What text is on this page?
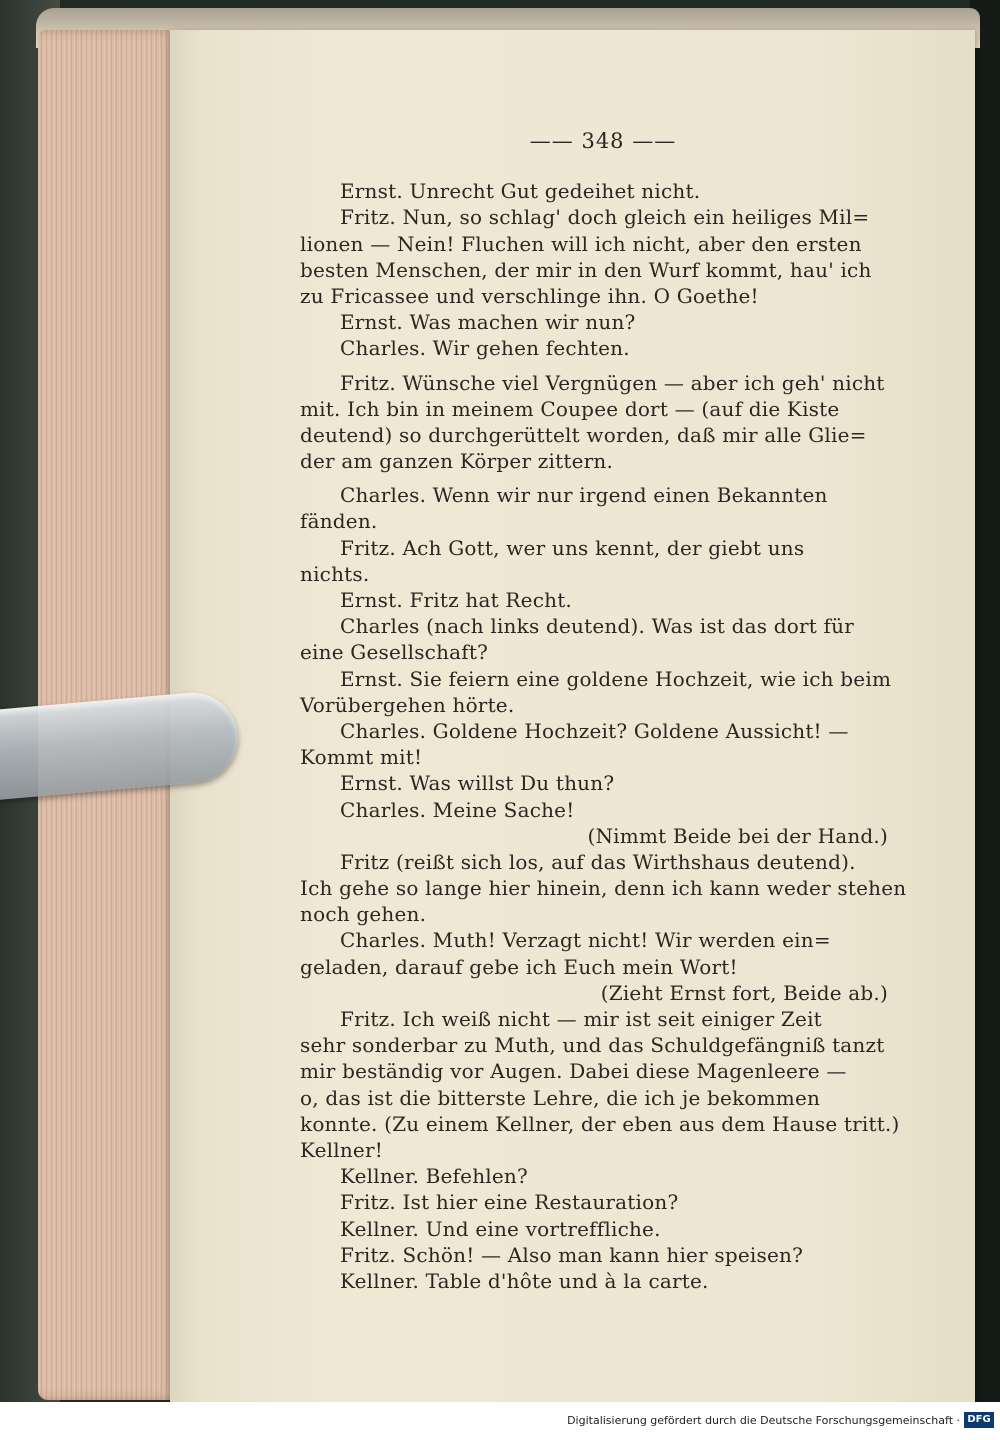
—— 348 ——
Ernst. Unrecht Gut gedeihet nicht.
Fritz. Nun, so schlag' doch gleich ein heiliges Mil=
lionen — Nein! Fluchen will ich nicht, aber den ersten
besten Menschen, der mir in den Wurf kommt, hau' ich
zu Fricassee und verschlinge ihn. O Goethe!
Ernst. Was machen wir nun?
Charles. Wir gehen fechten.
Fritz. Wünsche viel Vergnügen — aber ich geh' nicht
mit. Ich bin in meinem Coupee dort — (auf die Kiste
deutend) so durchgerüttelt worden, daß mir alle Glie=
der am ganzen Körper zittern.
Charles. Wenn wir nur irgend einen Bekannten
fänden.
Fritz. Ach Gott, wer uns kennt, der giebt uns
nichts.
Ernst. Fritz hat Recht.
Charles (nach links deutend). Was ist das dort für
eine Gesellschaft?
Ernst. Sie feiern eine goldene Hochzeit, wie ich beim
Vorübergehen hörte.
Charles. Goldene Hochzeit? Goldene Aussicht! —
Kommt mit!
Ernst. Was willst Du thun?
Charles. Meine Sache!
(Nimmt Beide bei der Hand.)
Fritz (reißt sich los, auf das Wirthshaus deutend).
Ich gehe so lange hier hinein, denn ich kann weder stehen
noch gehen.
Charles. Muth! Verzagt nicht! Wir werden ein=
geladen, darauf gebe ich Euch mein Wort!
(Zieht Ernst fort, Beide ab.)
Fritz. Ich weiß nicht — mir ist seit einiger Zeit
sehr sonderbar zu Muth, und das Schuldgefängniß tanzt
mir beständig vor Augen. Dabei diese Magenleere —
o, das ist die bitterste Lehre, die ich je bekommen
konnte. (Zu einem Kellner, der eben aus dem Hause tritt.)
Kellner!
Kellner. Befehlen?
Fritz. Ist hier eine Restauration?
Kellner. Und eine vortreffliche.
Fritz. Schön! — Also man kann hier speisen?
Kellner. Table d'hôte und à la carte.
Digitalisierung gefördert durch die Deutsche Forschungsgemeinschaft · DFG
